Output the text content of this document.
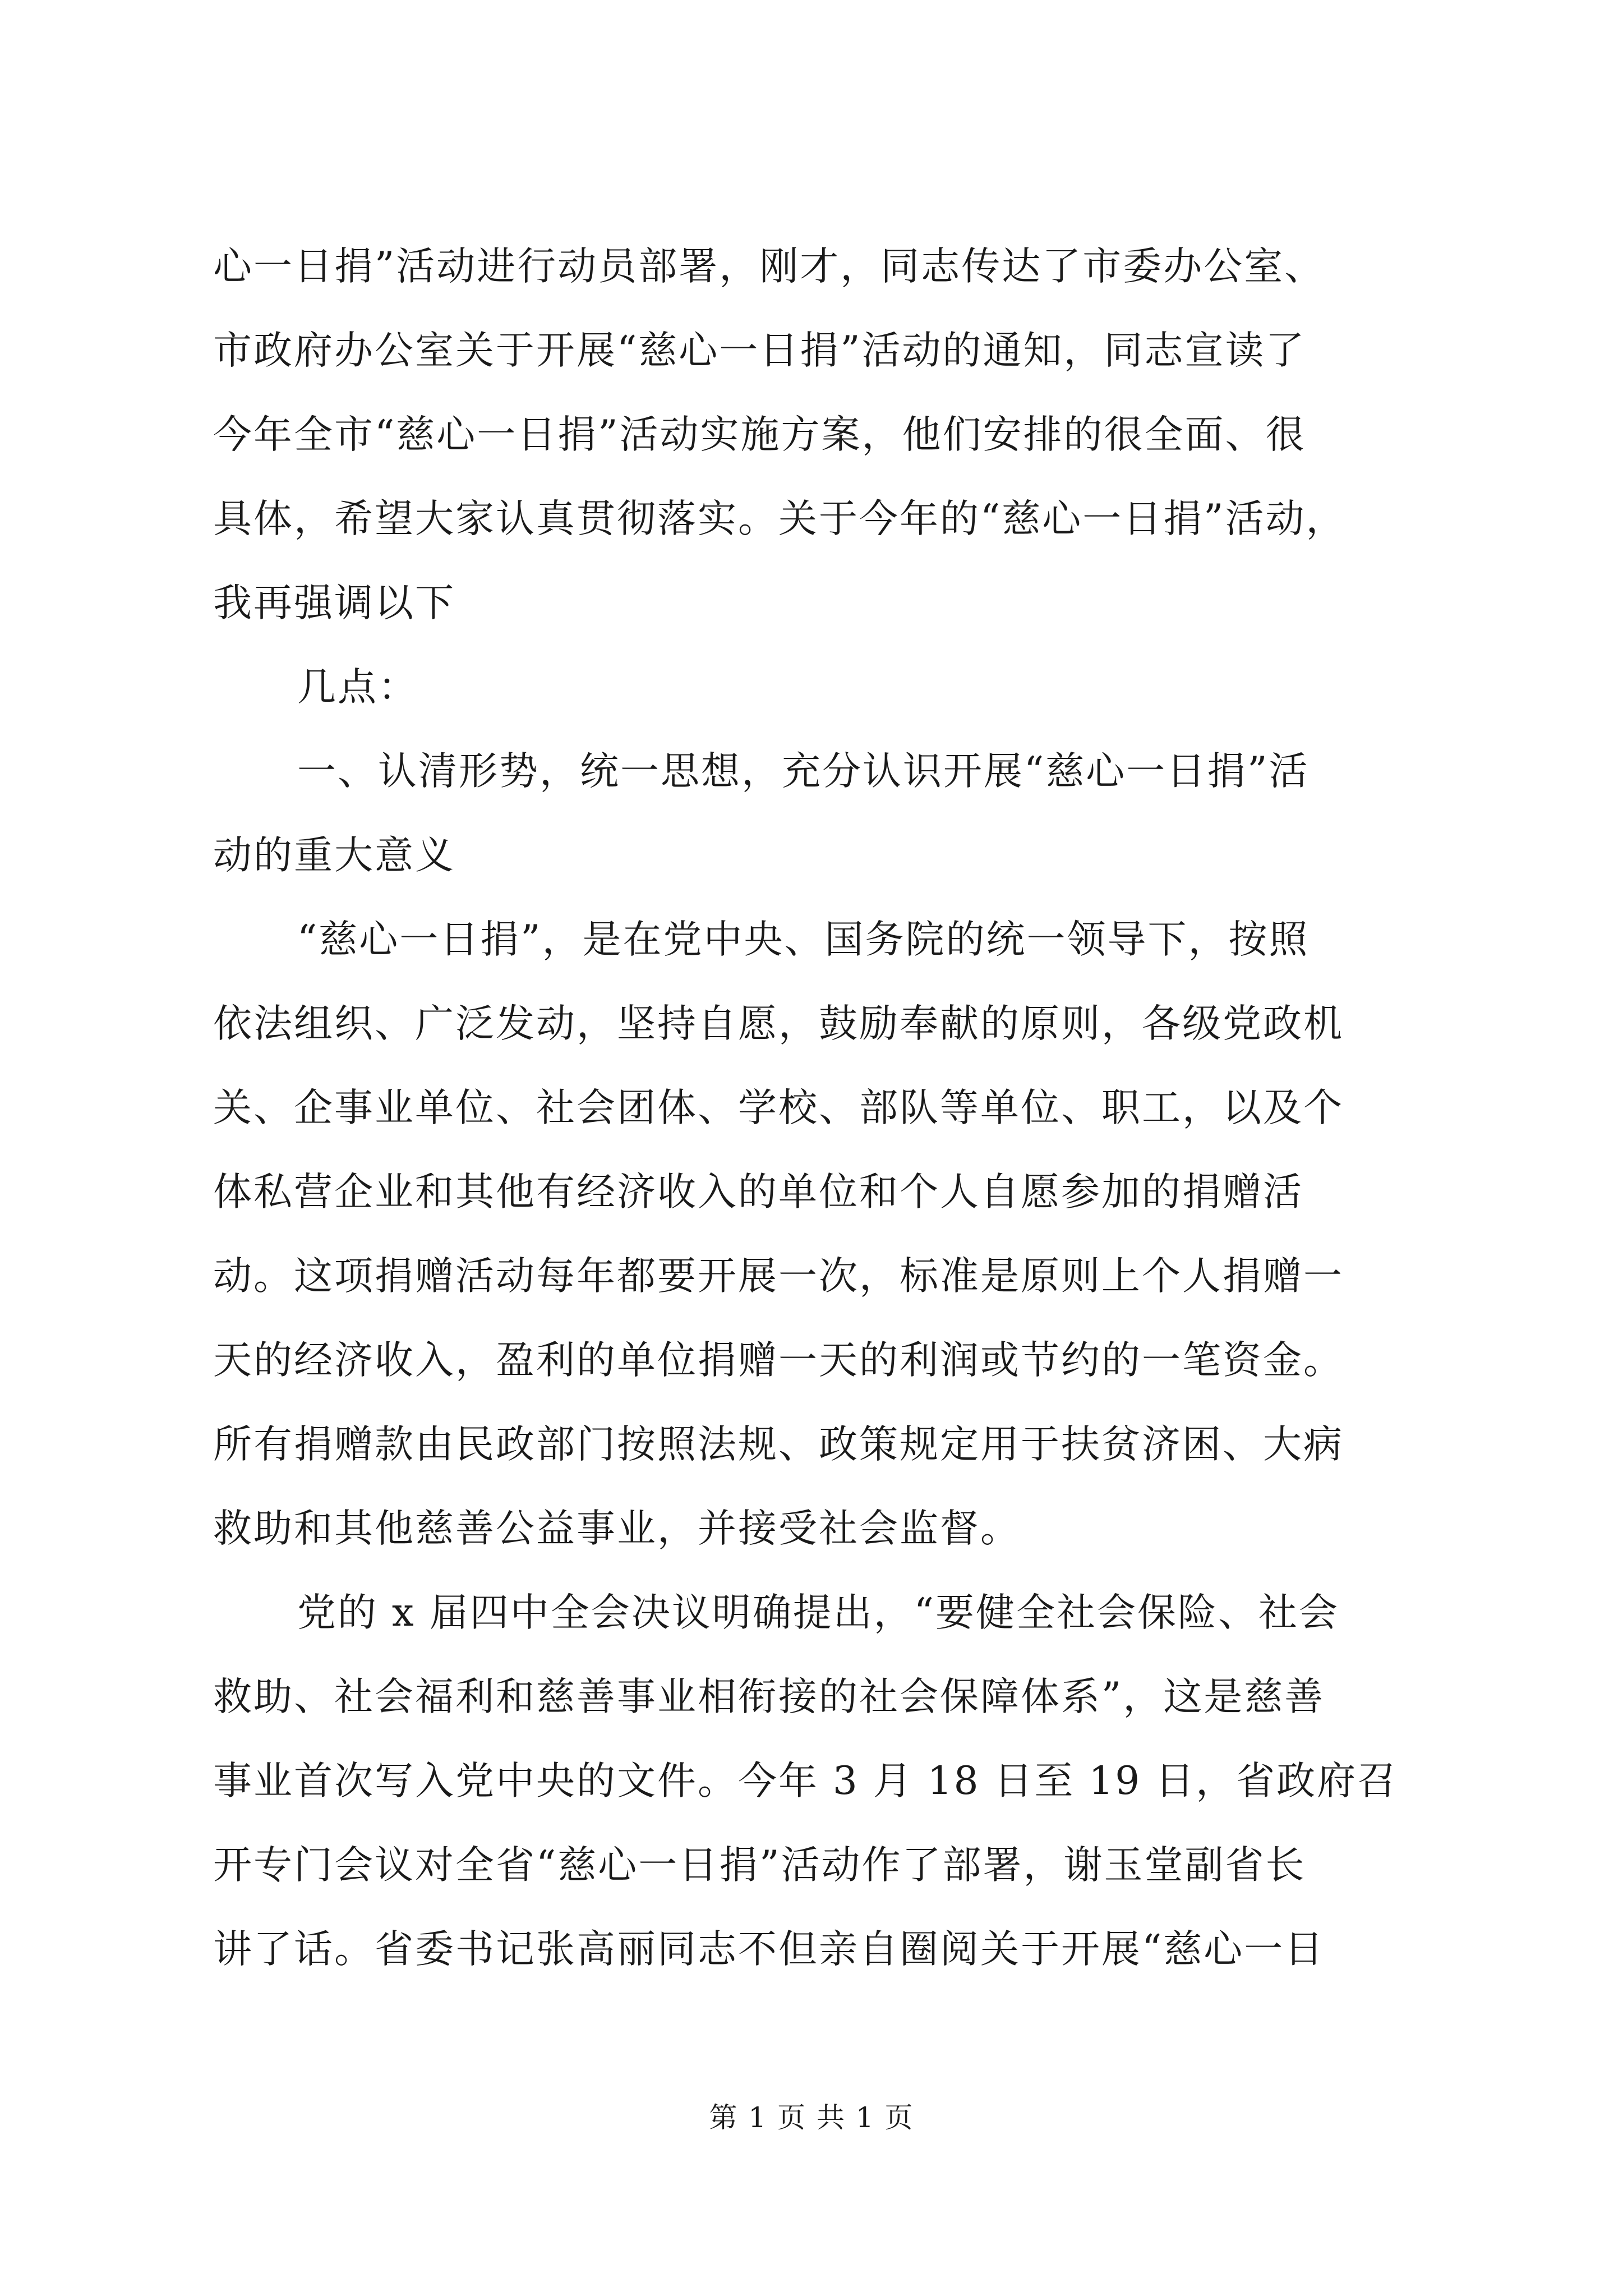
心一日捐”活动进行动员部署，刚才，同志传达了市委办公室、
市政府办公室关于开展“慈心一日捐”活动的通知，同志宣读了
今年全市“慈心一日捐”活动实施方案，他们安排的很全面、很
具体，希望大家认真贯彻落实。关于今年的“慈心一日捐”活动，
我再强调以下
几点：
一、认清形势，统一思想，充分认识开展“慈心一日捐”活
动的重大意义
“慈心一日捐”，是在党中央、国务院的统一领导下，按照
依法组织、广泛发动，坚持自愿，鼓励奉献的原则，各级党政机
关、企事业单位、社会团体、学校、部队等单位、职工，以及个
体私营企业和其他有经济收入的单位和个人自愿参加的捐赠活
动。这项捐赠活动每年都要开展一次，标准是原则上个人捐赠一
天的经济收入，盈利的单位捐赠一天的利润或节约的一笔资金。
所有捐赠款由民政部门按照法规、政策规定用于扶贫济困、大病
救助和其他慈善公益事业，并接受社会监督。
党的 x 届四中全会决议明确提出，“要健全社会保险、社会
救助、社会福利和慈善事业相衔接的社会保障体系”，这是慈善
事业首次写入党中央的文件。今年 3 月 18 日至 19 日，省政府召
开专门会议对全省“慈心一日捐”活动作了部署，谢玉堂副省长
讲了话。省委书记张高丽同志不但亲自圈阅关于开展“慈心一日
第 1 页 共 1 页
